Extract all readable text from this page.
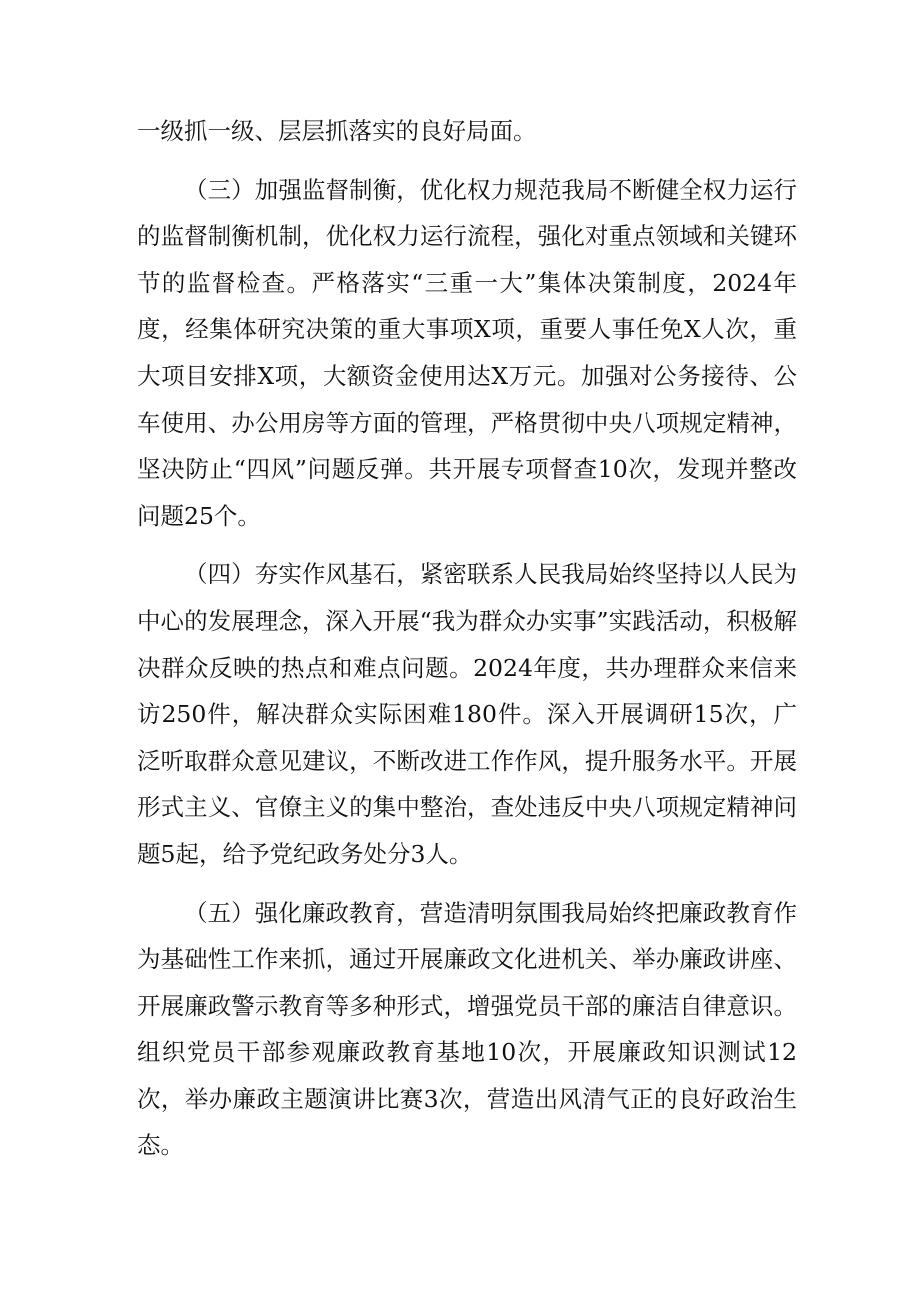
一级抓一级、层层抓落实的良好局面。

（三）加强监督制衡，优化权力规范我局不断健全权力运行的监督制衡机制，优化权力运行流程，强化对重点领域和关键环节的监督检查。严格落实“三重一大”集体决策制度，2024年度，经集体研究决策的重大事项X项，重要人事任免X人次，重大项目安排X项，大额资金使用达X万元。加强对公务接待、公车使用、办公用房等方面的管理，严格贯彻中央八项规定精神，坚决防止“四风”问题反弹。共开展专项督查10次，发现并整改问题25个。

（四）夯实作风基石，紧密联系人民我局始终坚持以人民为中心的发展理念，深入开展“我为群众办实事”实践活动，积极解决群众反映的热点和难点问题。2024年度，共办理群众来信来访250件，解决群众实际困难180件。深入开展调研15次，广泛听取群众意见建议，不断改进工作作风，提升服务水平。开展形式主义、官僚主义的集中整治，查处违反中央八项规定精神问题5起，给予党纪政务处分3人。

（五）强化廉政教育，营造清明氛围我局始终把廉政教育作为基础性工作来抓，通过开展廉政文化进机关、举办廉政讲座、开展廉政警示教育等多种形式，增强党员干部的廉洁自律意识。组织党员干部参观廉政教育基地10次，开展廉政知识测试12次，举办廉政主题演讲比赛3次，营造出风清气正的良好政治生态。
